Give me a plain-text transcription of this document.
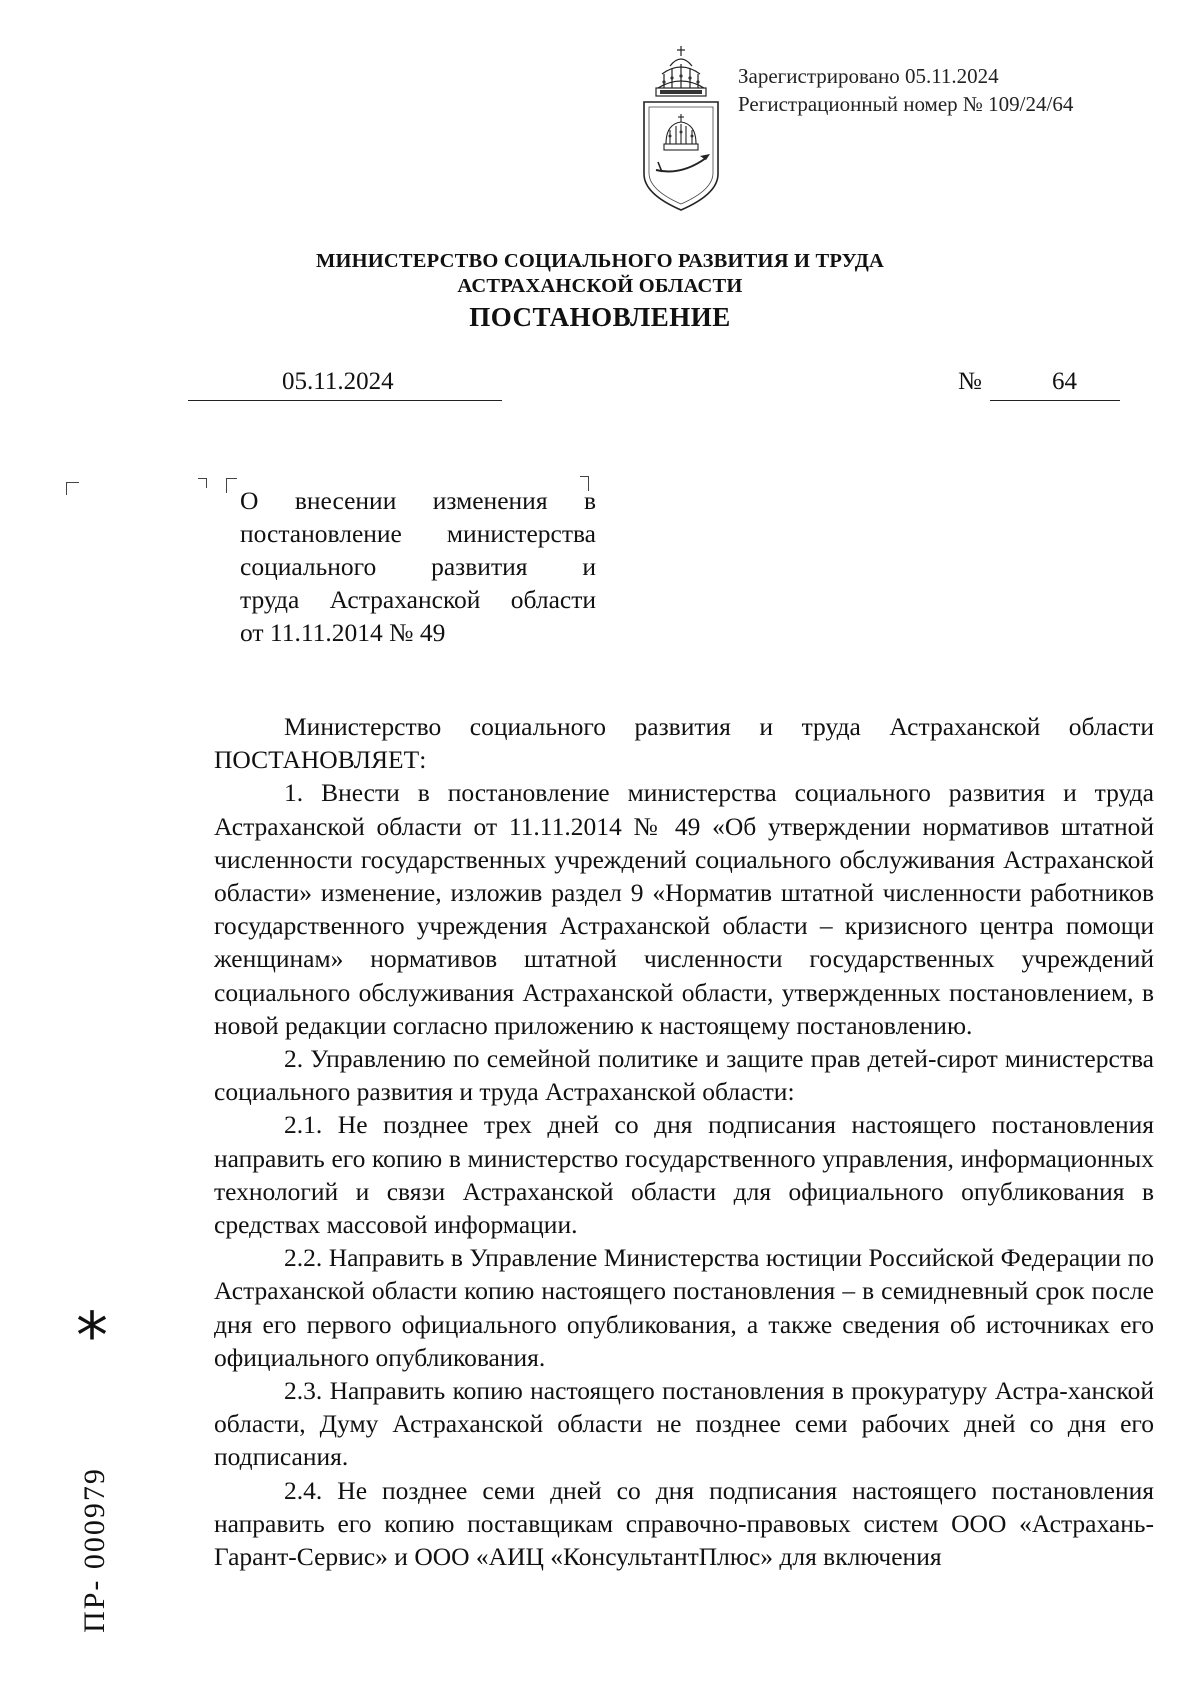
Зарегистрировано 05.11.2024
Регистрационный номер № 109/24/64
МИНИСТЕРСТВО СОЦИАЛЬНОГО РАЗВИТИЯ И ТРУДА
АСТРАХАНСКОЙ ОБЛАСТИ
ПОСТАНОВЛЕНИЕ
05.11.2024	№	64
О внесении изменения в
постановление министерства
социального развития и
труда Астраханской области
от 11.11.2014 № 49

Министерство социального развития и труда Астраханской области ПОСТАНОВЛЯЕТ:

1. Внести в постановление министерства социального развития и труда Астраханской области от 11.11.2014 № 49 «Об утверждении нормативов штатной численности государственных учреждений социального обслуживания Астраханской области» изменение, изложив раздел 9 «Норматив штатной численности работников государственного учреждения Астраханской области – кризисного центра помощи женщинам» нормативов штатной численности государственных учреждений социального обслуживания Астраханской области, утвержденных постановлением, в новой редакции согласно приложению к настоящему постановлению.

2. Управлению по семейной политике и защите прав детей-сирот министерства социального развития и труда Астраханской области:

2.1. Не позднее трех дней со дня подписания настоящего постановления направить его копию в министерство государственного управления, информационных технологий и связи Астраханской области для официального опубликования в средствах массовой информации.

2.2. Направить в Управление Министерства юстиции Российской Федерации по Астраханской области копию настоящего постановления – в семидневный срок после дня его первого официального опубликования, а также сведения об источниках его официального опубликования.

2.3. Направить копию настоящего постановления в прокуратуру Астра-ханской области, Думу Астраханской области не позднее семи рабочих дней со дня его подписания.

2.4. Не позднее семи дней со дня подписания настоящего постановления направить его копию поставщикам справочно-правовых систем ООО «Астрахань-Гарант-Сервис» и ООО «АИЦ «КонсультантПлюс» для включения

*
ПР- 000979
